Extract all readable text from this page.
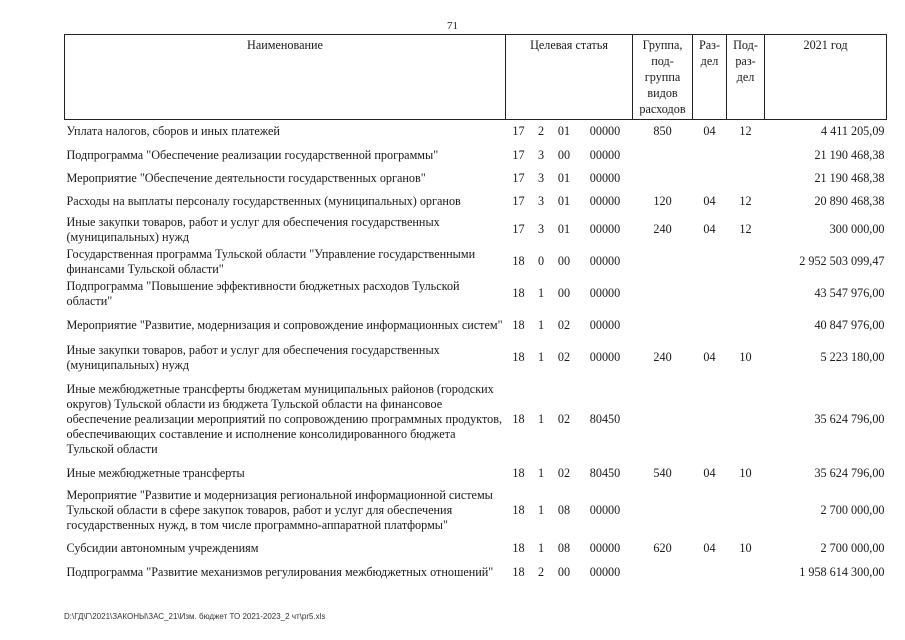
71
Наименование	Целевая статья				Группа, под-группа видов расходов	Раз-дел	Под-раз-дел	2021 год
Уплата налогов, сборов и иных платежей	17	2	01	00000	850	04	12	4 411 205,09
Подпрограмма "Обеспечение реализации государственной программы"	17	3	00	00000				21 190 468,38
Мероприятие "Обеспечение деятельности государственных органов"	17	3	01	00000				21 190 468,38
Расходы на выплаты персоналу государственных (муниципальных) органов	17	3	01	00000	120	04	12	20 890 468,38
Иные закупки товаров, работ и услуг для обеспечения государственных (муниципальных) нужд	17	3	01	00000	240	04	12	300 000,00
Государственная программа Тульской области "Управление государственными финансами Тульской области"	18	0	00	00000				2 952 503 099,47
Подпрограмма "Повышение эффективности бюджетных расходов Тульской области"	18	1	00	00000				43 547 976,00
Мероприятие "Развитие, модернизация и сопровождение информационных систем"	18	1	02	00000				40 847 976,00
Иные закупки товаров, работ и услуг для обеспечения государственных (муниципальных) нужд	18	1	02	00000	240	04	10	5 223 180,00
Иные межбюджетные трансферты бюджетам муниципальных районов (городских округов) Тульской области из бюджета Тульской области на финансовое обеспечение реализации мероприятий по сопровождению программных продуктов, обеспечивающих составление и исполнение консолидированного бюджета Тульской области	18	1	02	80450				35 624 796,00
Иные межбюджетные трансферты	18	1	02	80450	540	04	10	35 624 796,00
Мероприятие "Развитие и модернизация региональной информационной системы Тульской области в сфере закупок товаров, работ и услуг для обеспечения государственных нужд, в том числе программно-аппаратной платформы"	18	1	08	00000				2 700 000,00
Субсидии автономным учреждениям	18	1	08	00000	620	04	10	2 700 000,00
Подпрограмма "Развитие механизмов регулирования межбюджетных отношений"	18	2	00	00000				1 958 614 300,00
D:\ГД\Г\2021\ЗАКОНЫ\ЗАС_21\Изм. бюджет ТО 2021-2023_2 чт\pr5.xls
